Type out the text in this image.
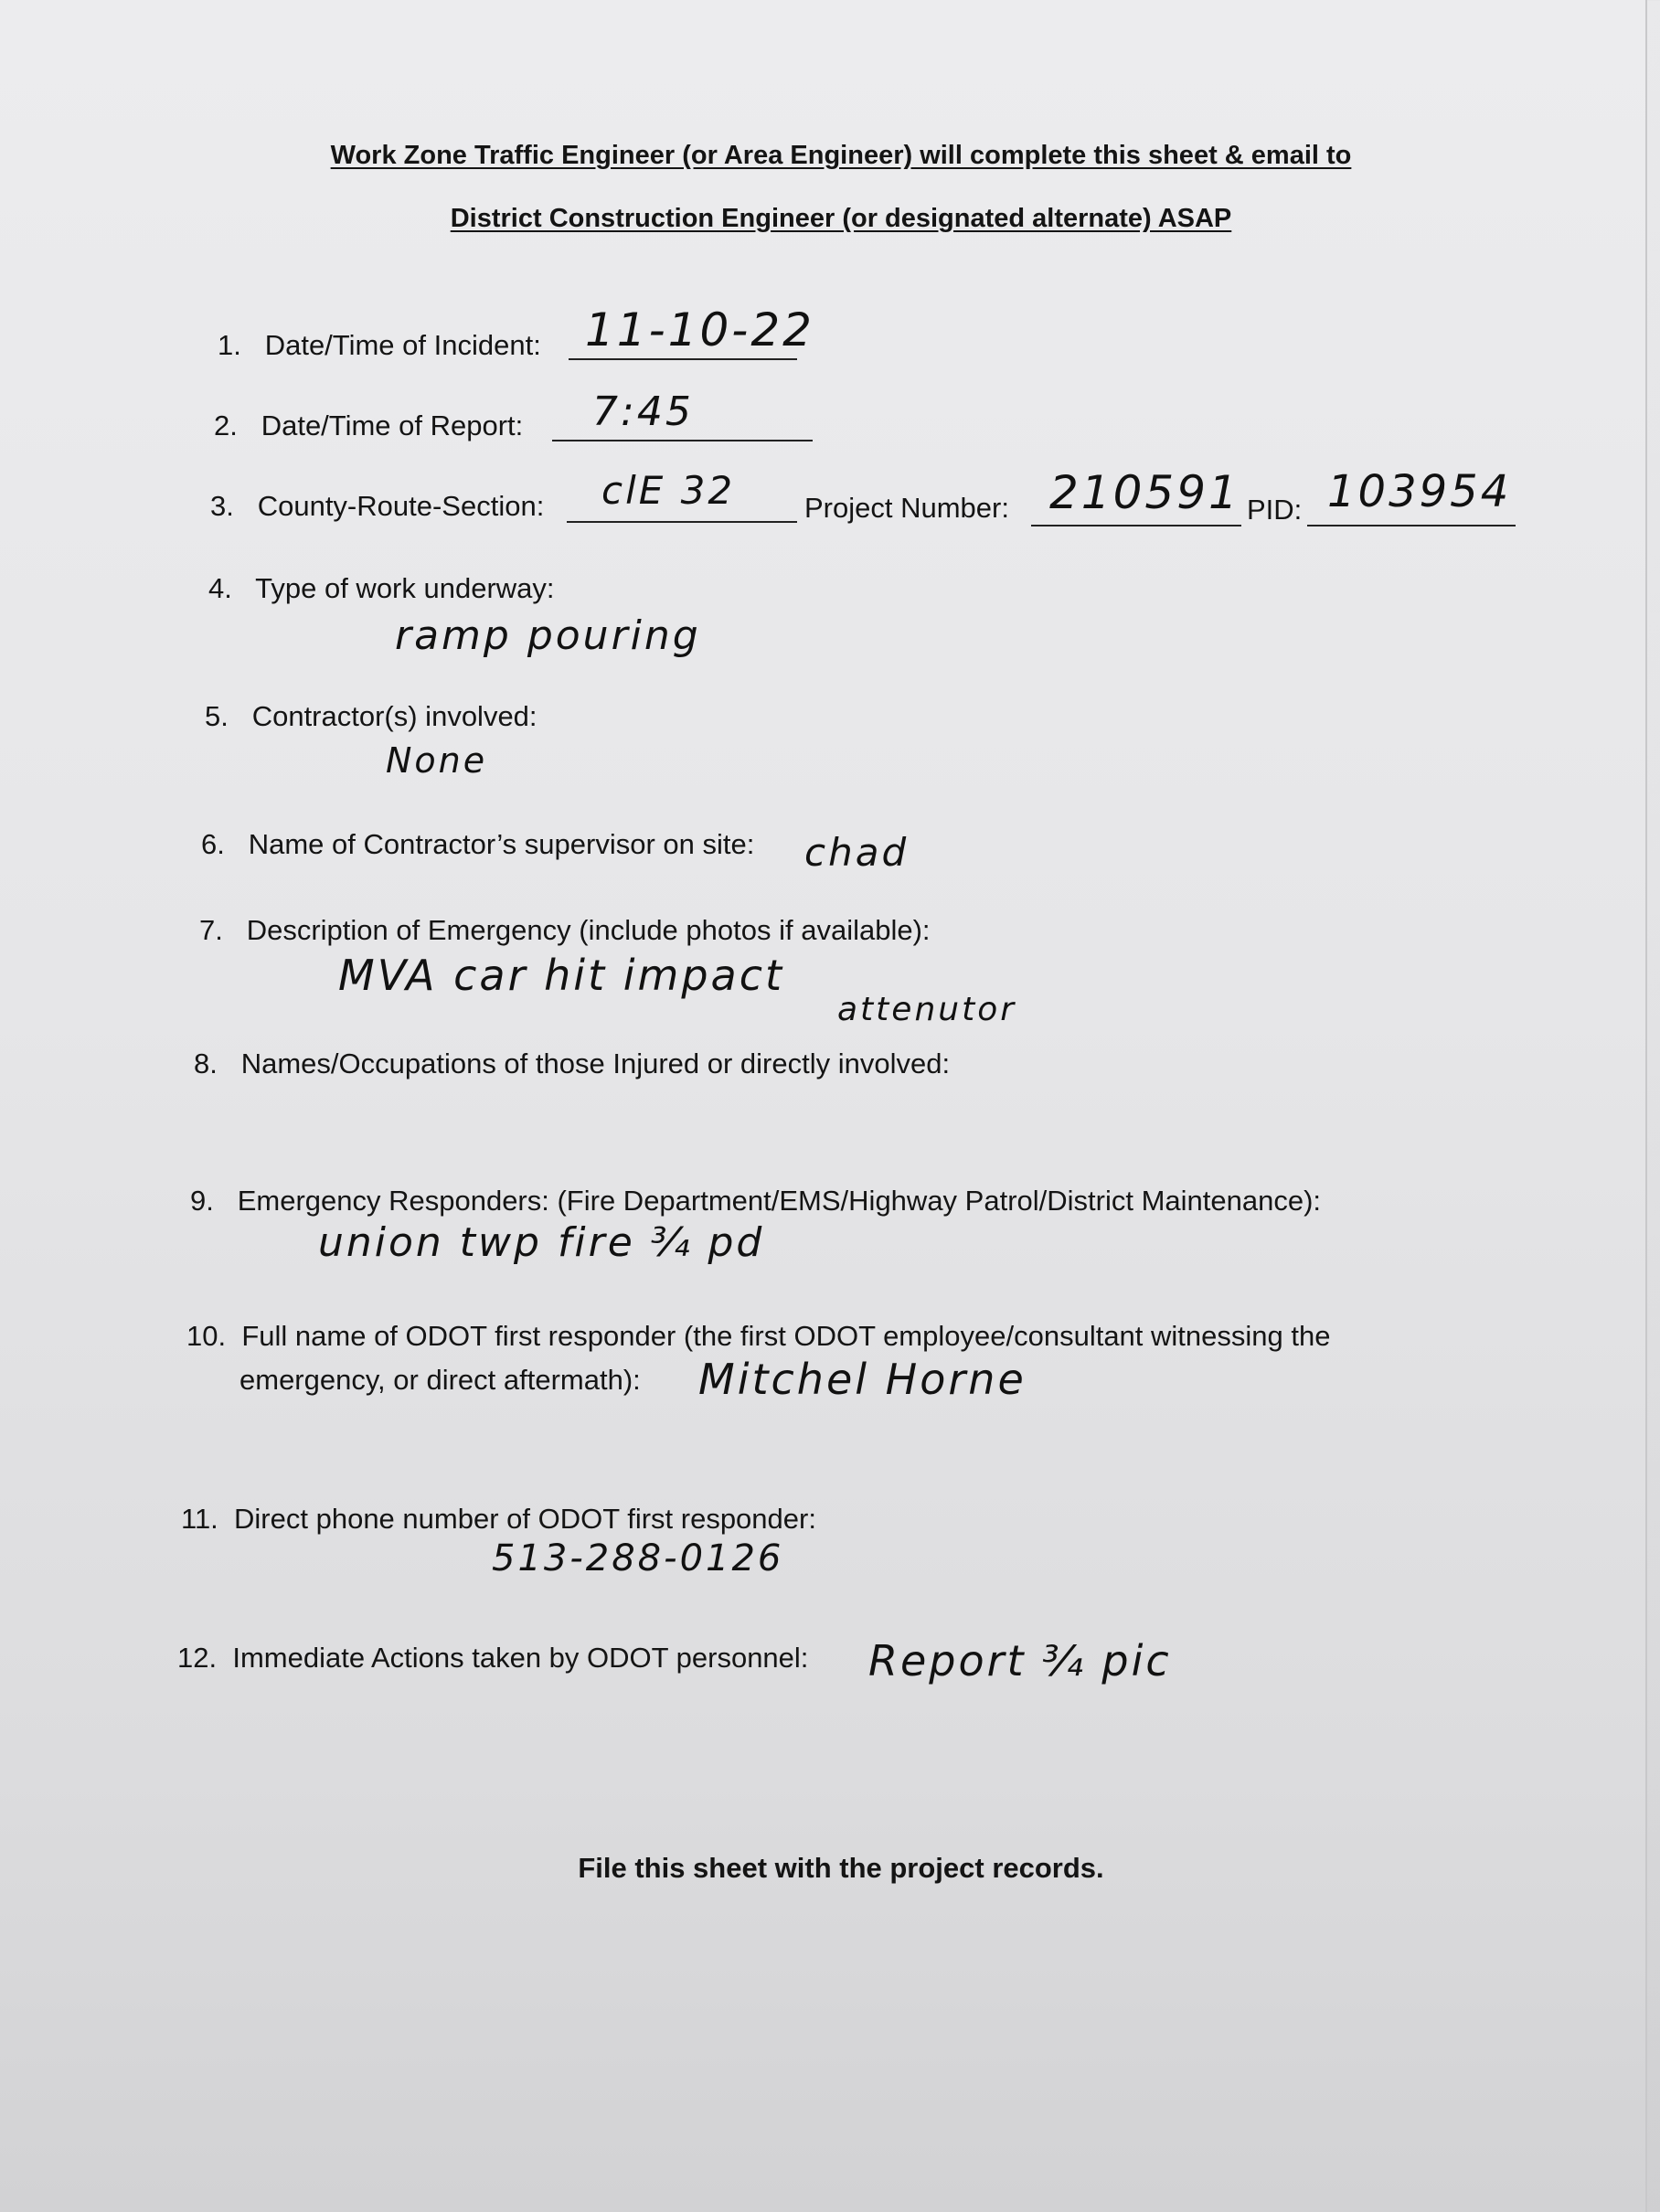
Work Zone Traffic Engineer (or Area Engineer) will complete this sheet & email to
District Construction Engineer (or designated alternate) ASAP
1. Date/Time of Incident: 11-10-22
2. Date/Time of Report: 7:45
3. County-Route-Section: clE 32 Project Number: 210591 PID: 103954
4. Type of work underway:
ramp pouring
5. Contractor(s) involved:
None
6. Name of Contractor’s supervisor on site: chad
7. Description of Emergency (include photos if available):
MVA car hit impact
attenutor
8. Names/Occupations of those Injured or directly involved:
9. Emergency Responders: (Fire Department/EMS/Highway Patrol/District Maintenance):
union twp fire ¾ pd
10. Full name of ODOT first responder (the first ODOT employee/consultant witnessing the
emergency, or direct aftermath): Mitchel Horne
11. Direct phone number of ODOT first responder:
513-288-0126
12. Immediate Actions taken by ODOT personnel: Report ¾ pic
File this sheet with the project records.
